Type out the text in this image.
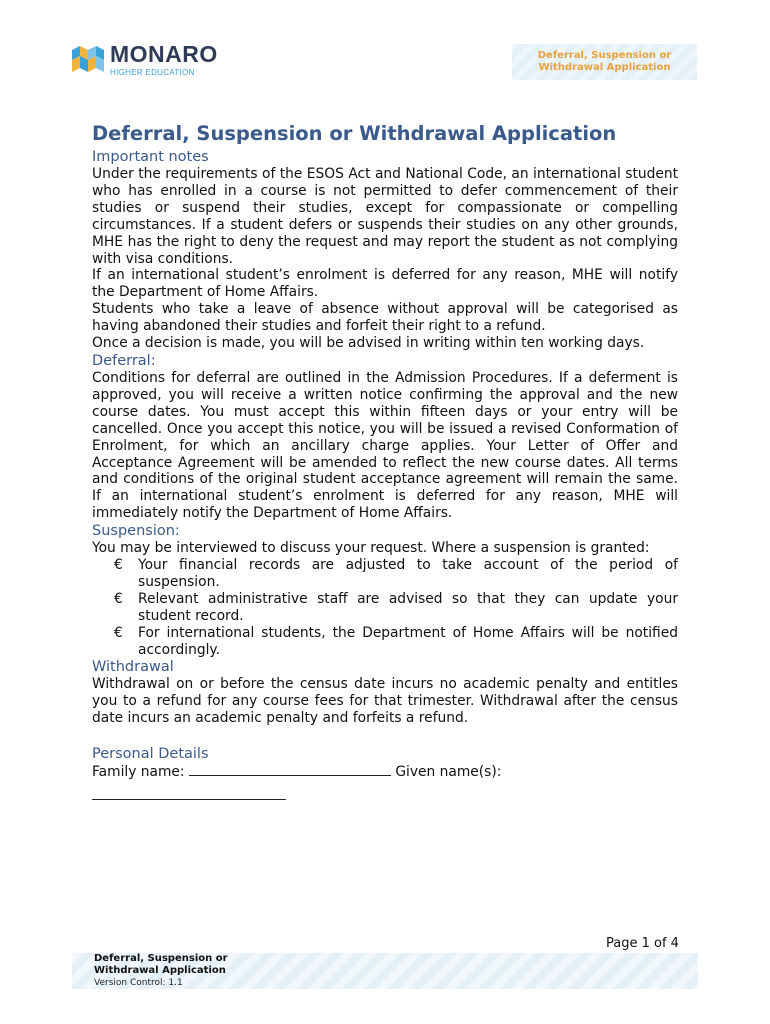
MONARO
HIGHER EDUCATION
Deferral, Suspension or
Withdrawal Application
Deferral, Suspension or Withdrawal Application
Important notes

Under the requirements of the ESOS Act and National Code, an international student who has enrolled in a course is not permitted to defer commencement of their studies or suspend their studies, except for compassionate or compelling circumstances. If a student defers or suspends their studies on any other grounds, MHE has the right to deny the request and may report the student as not complying with visa conditions.

If an international student’s enrolment is deferred for any reason, MHE will notify the Department of Home Affairs.

Students who take a leave of absence without approval will be categorised as having abandoned their studies and forfeit their right to a refund.

Once a decision is made, you will be advised in writing within ten working days.

Deferral:

Conditions for deferral are outlined in the Admission Procedures. If a deferment is approved, you will receive a written notice confirming the approval and the new course dates. You must accept this within fifteen days or your entry will be cancelled. Once you accept this notice, you will be issued a revised Conformation of Enrolment, for which an ancillary charge applies. Your Letter of Offer and Acceptance Agreement will be amended to reflect the new course dates. All terms and conditions of the original student acceptance agreement will remain the same. If an international student’s enrolment is deferred for any reason, MHE will immediately notify the Department of Home Affairs.

Suspension:

You may be interviewed to discuss your request. Where a suspension is granted:

€ Your financial records are adjusted to take account of the period of suspension.
€ Relevant administrative staff are advised so that they can update your student record.
€ For international students, the Department of Home Affairs will be notified accordingly.
Withdrawal

Withdrawal on or before the census date incurs no academic penalty and entitles you to a refund for any course fees for that trimester. Withdrawal after the census date incurs an academic penalty and forfeits a refund.

Personal Details

Family name:	Given name(s):

Page 1 of 4
Deferral, Suspension or
Withdrawal Application
Version Control: 1.1
